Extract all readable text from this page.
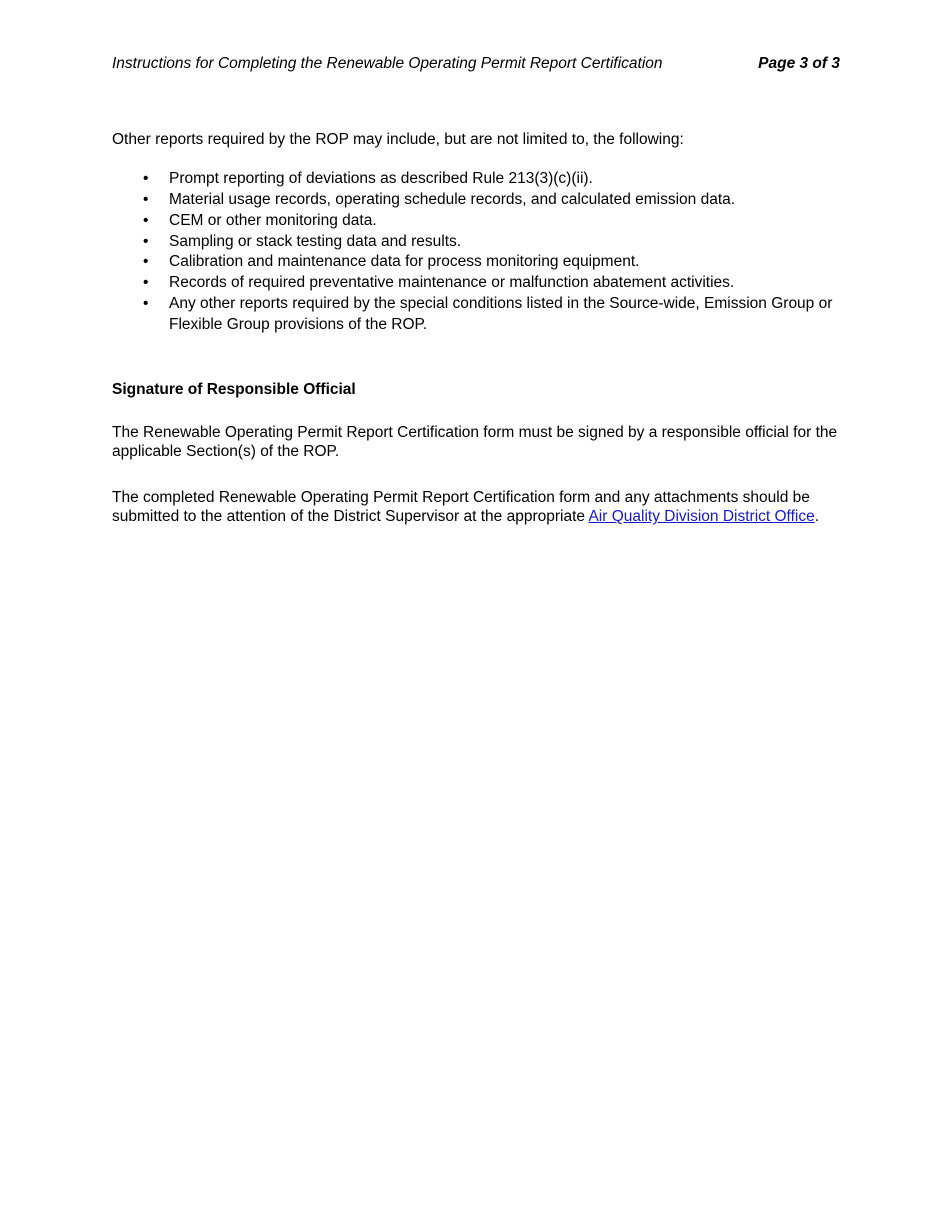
Instructions for Completing the Renewable Operating Permit Report Certification	Page 3 of 3

Other reports required by the ROP may include, but are not limited to, the following:

• Prompt reporting of deviations as described Rule 213(3)(c)(ii).
• Material usage records, operating schedule records, and calculated emission data.
• CEM or other monitoring data.
• Sampling or stack testing data and results.
• Calibration and maintenance data for process monitoring equipment.
• Records of required preventative maintenance or malfunction abatement activities.
• Any other reports required by the special conditions listed in the Source-wide, Emission Group or Flexible Group provisions of the ROP.

Signature of Responsible Official

The Renewable Operating Permit Report Certification form must be signed by a responsible official for the applicable Section(s) of the ROP.

The completed Renewable Operating Permit Report Certification form and any attachments should be submitted to the attention of the District Supervisor at the appropriate Air Quality Division District Office.
